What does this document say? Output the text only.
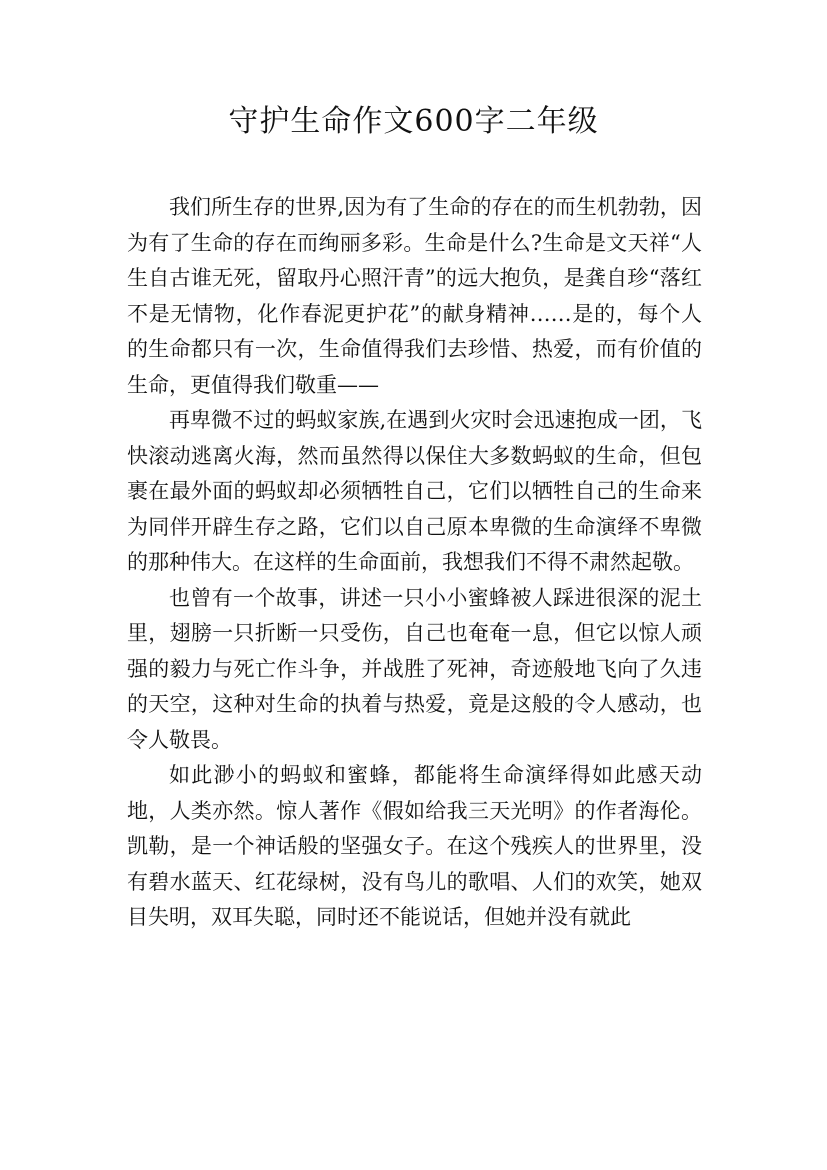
守护生命作文600字二年级

我们所生存的世界,因为有了生命的存在的而生机勃勃，因为有了生命的存在而绚丽多彩。生命是什么?生命是文天祥“人生自古谁无死，留取丹心照汗青”的远大抱负，是龚自珍“落红不是无情物，化作春泥更护花”的献身精神……是的，每个人的生命都只有一次，生命值得我们去珍惜、热爱，而有价值的生命，更值得我们敬重——

再卑微不过的蚂蚁家族,在遇到火灾时会迅速抱成一团，飞快滚动逃离火海，然而虽然得以保住大多数蚂蚁的生命，但包裹在最外面的蚂蚁却必须牺牲自己，它们以牺牲自己的生命来为同伴开辟生存之路，它们以自己原本卑微的生命演绎不卑微的那种伟大。在这样的生命面前，我想我们不得不肃然起敬。

也曾有一个故事，讲述一只小小蜜蜂被人踩进很深的泥土里，翅膀一只折断一只受伤，自己也奄奄一息，但它以惊人顽强的毅力与死亡作斗争，并战胜了死神，奇迹般地飞向了久违的天空，这种对生命的执着与热爱，竟是这般的令人感动，也令人敬畏。

如此渺小的蚂蚁和蜜蜂，都能将生命演绎得如此感天动地，人类亦然。惊人著作《假如给我三天光明》的作者海伦。凯勒，是一个神话般的坚强女子。在这个残疾人的世界里，没有碧水蓝天、红花绿树，没有鸟儿的歌唱、人们的欢笑，她双目失明，双耳失聪，同时还不能说话，但她并没有就此
